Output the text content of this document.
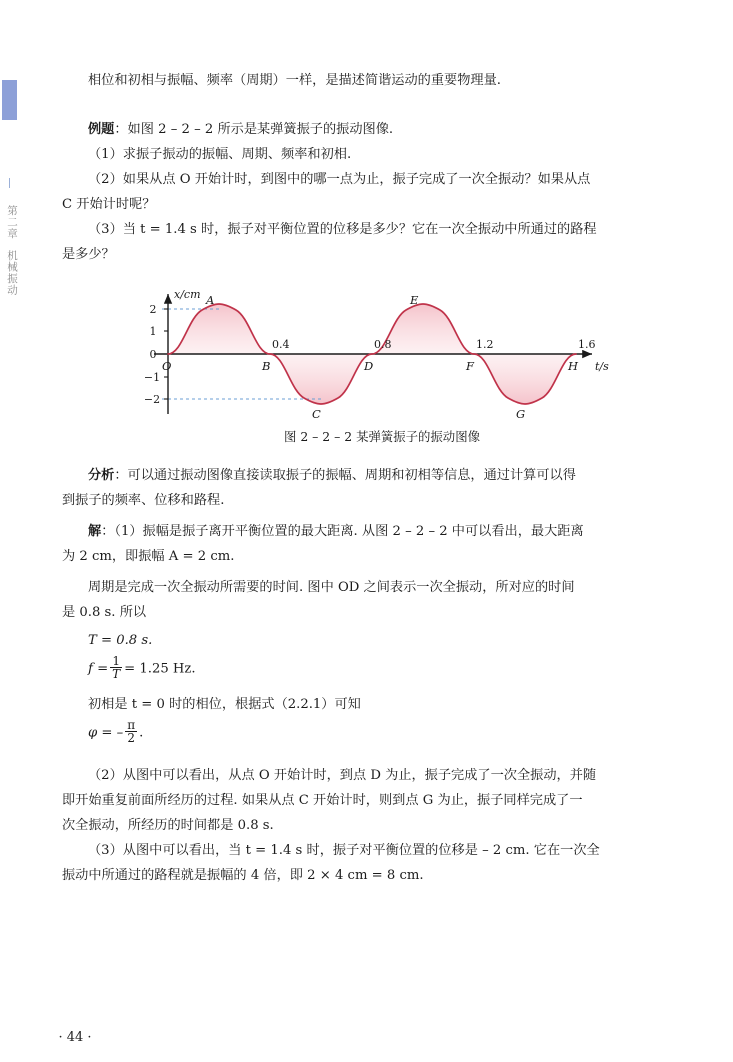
第二章
机械振动

相位和初相与振幅、频率（周期）一样，是描述简谐运动的重要物理量.

例题：如图 2 – 2 – 2 所示是某弹簧振子的振动图像.

（1）求振子振动的振幅、周期、频率和初相.

（2）如果从点 O 开始计时，到图中的哪一点为止，振子完成了一次全振动？如果从点

C 开始计时呢？

（3）当 t = 1.4 s 时，振子对平衡位置的位移是多少？它在一次全振动中所通过的路程

是多少？

x/cm
t/s
2
1
0
−1
−2
0.4	0.8	1.2	1.6
O
A
B
C
D
E
F
G
H
图 2 – 2 – 2 某弹簧振子的振动图像

分析：可以通过振动图像直接读取振子的振幅、周期和初相等信息，通过计算可以得

到振子的频率、位移和路程.

解：（1）振幅是振子离开平衡位置的最大距离. 从图 2 – 2 – 2 中可以看出，最大距离

为 2 cm，即振幅 A = 2 cm.

周期是完成一次全振动所需要的时间. 图中 OD 之间表示一次全振动，所对应的时间

是 0.8 s. 所以

T = 0.8 s.

$f = \frac{1}{T} = 1.25$ Hz.

初相是 t = 0 时的相位，根据式（2.2.1）可知

φ = – $\frac{\pi}{2}$ .

（2）从图中可以看出，从点 O 开始计时，到点 D 为止，振子完成了一次全振动，并随

即开始重复前面所经历的过程. 如果从点 C 开始计时，则到点 G 为止，振子同样完成了一

次全振动，所经历的时间都是 0.8 s.

（3）从图中可以看出，当 t = 1.4 s 时，振子对平衡位置的位移是 – 2 cm. 它在一次全

振动中所通过的路程就是振幅的 4 倍，即 2 × 4 cm = 8 cm.

· 44 ·
